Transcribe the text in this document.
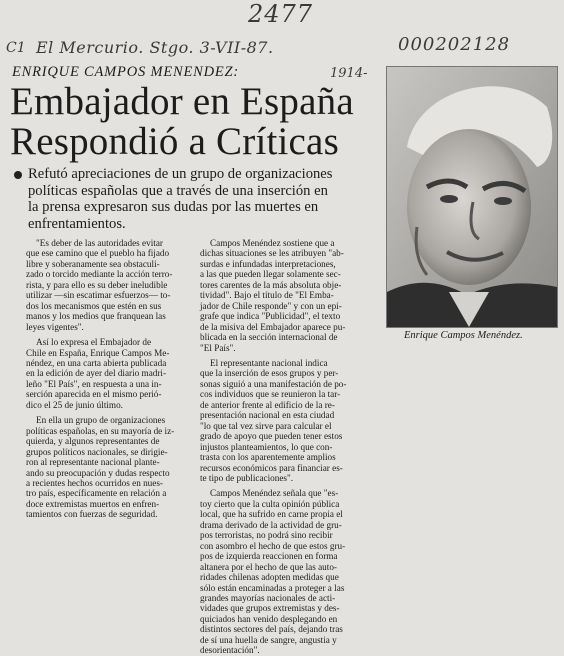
2477
C1 El Mercurio. Stgo. 3-VII-87.	000202128
1914-
ENRIQUE CAMPOS MENENDEZ:
Embajador en España
Respondió a Críticas
Enrique Campos Menéndez.
Refutó apreciaciones de un grupo de organizaciones
políticas españolas que a través de una inserción en
la prensa expresaron sus dudas por las muertes en
enfrentamientos.
"Es deber de las autoridades evitar
que ese camino que el pueblo ha fijado
libre y soberanamente sea obstaculi-
zado o torcido mediante la acción terro-
rista, y para ello es su deber ineludible
utilizar —sin escatimar esfuerzos— to-
dos los mecanismos que estén en sus
manos y los medios que franquean las
leyes vigentes".
Así lo expresa el Embajador de
Chile en España, Enrique Campos Me-
néndez, en una carta abierta publicada
en la edición de ayer del diario madri-
leño "El País", en respuesta a una in-
serción aparecida en el mismo perió-
dico el 25 de junio último.
En ella un grupo de organizaciones
políticas españolas, en su mayoría de iz-
quierda, y algunos representantes de
grupos políticos nacionales, se dirigie-
ron al representante nacional plante-
ando su preocupación y dudas respecto
a recientes hechos ocurridos en nues-
tro país, específicamente en relación a
doce extremistas muertos en enfren-
tamientos con fuerzas de seguridad.
Campos Menéndez sostiene que a
dichas situaciones se les atribuyen "ab-
surdas e infundadas interpretaciones,
a las que pueden llegar solamente sec-
tores carentes de la más absoluta obje-
tividad". Bajo el título de "El Emba-
jador de Chile responde" y con un epí-
grafe que indica "Publicidad", el texto
de la misiva del Embajador aparece pu-
blicada en la sección internacional de
"El País".
El representante nacional indica
que la inserción de esos grupos y per-
sonas siguió a una manifestación de po-
cos individuos que se reunieron la tar-
de anterior frente al edificio de la re-
presentación nacional en esta ciudad
"lo que tal vez sirve para calcular el
grado de apoyo que pueden tener estos
injustos planteamientos, lo que con-
trasta con los aparentemente amplios
recursos económicos para financiar es-
te tipo de publicaciones".
Campos Menéndez señala que "es-
toy cierto que la culta opinión pública
local, que ha sufrido en carne propia el
drama derivado de la actividad de gru-
pos terroristas, no podrá sino recibir
con asombro el hecho de que estos gru-
pos de izquierda reaccionen en forma
altanera por el hecho de que las auto-
ridades chilenas adopten medidas que
sólo están encaminadas a proteger a las
grandes mayorías nacionales de acti-
vidades que grupos extremistas y des-
quiciados han venido desplegando en
distintos sectores del país, dejando tras
de sí una huella de sangre, angustia y
desorientación".
